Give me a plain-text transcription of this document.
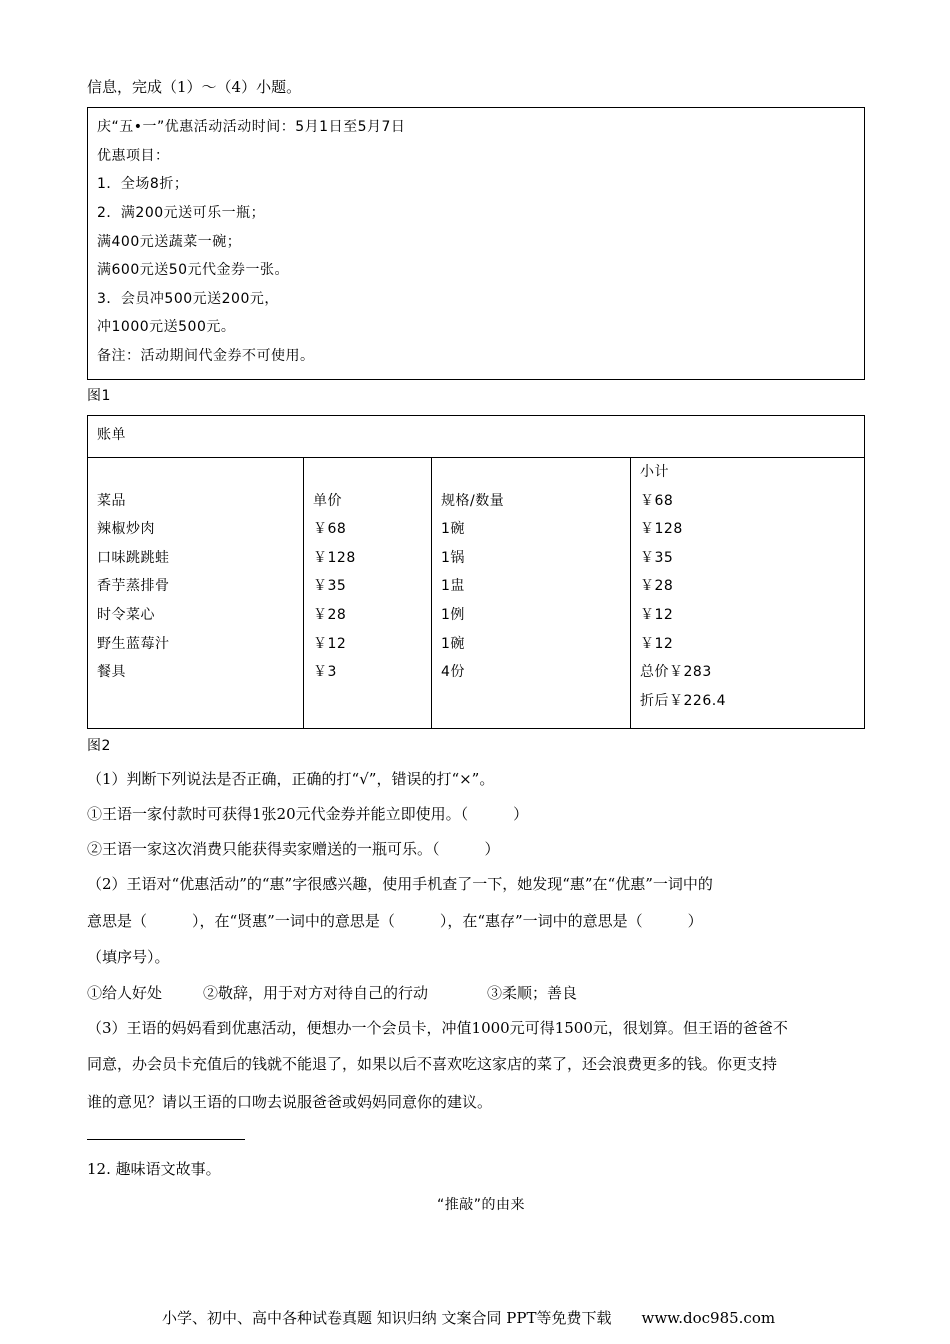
信息，完成（1）～（4）小题。
庆“五•一”优惠活动活动时间：5月1日至5月7日
优惠项目：
1．全场8折；
2．满200元送可乐一瓶；
满400元送蔬菜一碗；
满600元送50元代金券一张。
3．会员冲500元送200元，
冲1000元送500元。
备注：活动期间代金券不可使用。
图1
账单
菜品
辣椒炒肉
口味跳跳蛙
香芋蒸排骨
时令菜心
野生蓝莓汁
餐具
单价
￥68
￥128
￥35
￥28
￥12
￥3
规格/数量
1碗
1锅
1盅
1例
1碗
4份
小计
￥68
￥128
￥35
￥28
￥12
￥12
总价￥283
折后￥226.4
图2
（1）判断下列说法是否正确，正确的打“√”，错误的打“×”。
①王语一家付款时可获得1张20元代金券并能立即使用。（　　　）
②王语一家这次消费只能获得卖家赠送的一瓶可乐。（　　　）
（2）王语对“优惠活动”的“惠”字很感兴趣，使用手机查了一下，她发现“惠”在“优惠”一词中的
意思是（　　　），在“贤惠”一词中的意思是（　　　），在“惠存”一词中的意思是（　　　）
（填序号）。
①给人好处	②敬辞，用于对方对待自己的行动	③柔顺；善良
（3）王语的妈妈看到优惠活动，便想办一个会员卡，冲值1000元可得1500元，很划算。但王语的爸爸不
同意，办会员卡充值后的钱就不能退了，如果以后不喜欢吃这家店的菜了，还会浪费更多的钱。你更支持
谁的意见？请以王语的口吻去说服爸爸或妈妈同意你的建议。
12. 趣味语文故事。
“推敲”的由来
小学、初中、高中各种试卷真题 知识归纳 文案合同 PPT等免费下载　　www.doc985.com
